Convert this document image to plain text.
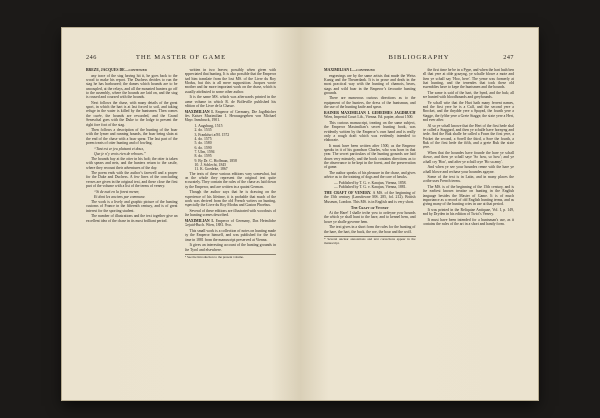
246	THE MASTER OF GAME

BRÉZÉ, JACQUES DE—continued

any trace of the stag having hit it, he goes back to the wood to make his report. The Duchess decides to run the stag he has harboured; the dames which hounds are to be uncoupled, at the relays, and all the mounted hunters go off to the assembly, where the hounds are laid on, and the stag is roused and coursed with the hounds.

Next follows the chase, with many details of the great sport, in which the hart is at last forced to soil, and taking refuge in the water is killed by the huntsmen. Then comes the curée, the hounds are rewarded, and the Grand Seneschal goes with the Duke to the lodge to present the right fore foot of the stag.

Then follows a description of the hunting of the boar with the lymer and running hounds, the boar being slain at the end of the chase with a boar spear. The last part of the poem treats of otter hunting and of fowling.

“Tant est ce jeu plaisant et doux,

Que je n’y veois rien de rebours.”

The hounds bay at the otter in his holt; the otter is taken with spears and nets, and the hunters return to the castle, where they recount their adventures of the day.

The poem ends with the author’s farewell and a prayer for the Duke and Duchess. A few lines of the concluding verses are given in the original text, and these close the first part of the volume with a list of the terms of venery.

“Si de nuit en la forest mener,

Et dont les anciens par commune.

The work is a lively and graphic picture of the hunting customs of France in the fifteenth century, and is of great interest for the sporting student.

The number of illustrations and the text together give an excellent idea of the chase in its most brilliant period.

written in two leaves; possibly when given with appreciated that hunting. It is also possible that the Emperor had him translate from the lost MS. of the Livre du Roy Modus, but this is all mere supposition. Jacques wrote another and far more important work on the chase, which is usually attributed to some other author.

It is the same MS. which was afterwards printed in the same volume in which R. de Bolleville published his edition of the Livre de la Chasse.

MAXIMILIAN I. Emperor of Germany, Die Jagdbücher des Kaiser Maximilian I. Herausgegeben von Michael Mayr. Innsbruck, 1901.

1. Augsburg, 1515

2. do. 1535

3. Frankfurt a/M. 1572

4. do. 1575

5. do. 1580

6. do. 1590

7. Ulm, 1594

8. do. 1595

9. By Dr. C. Hoffman, 1858

10. J. Schlecht, 1845

11. K. Goedeke, 1867

The texts of these various editions vary somewhat, but on the whole they represent the original text quite accurately. They contain the rules of the chase as laid down by the Emperor, and are written in a quaint German.

Though the author says that he is drawing on the experience of his lifetime, it is probable that much of the work was derived from the old French writers on hunting, especially the Livre du Roy Modus and Gaston Phoebus.

Several of these editions are illustrated with woodcuts of the hunting scenes described.

MAXIMILIAN I. Emperor of Germany, Das Heimliche Gejaid-Buch. Wien, 1881. 8vo.

This small work is a collection of notes on hunting made by the Emperor himself, and was published for the first time in 1881 from the manuscript preserved at Vienna.

It gives an interesting account of the hunting grounds in the Tyrol and elsewhere.

* See the Introduction to the present volume.

BIBLIOGRAPHY	247

MAXIMILIAN I.—continued

engravings are by the same artists that made the Weiss Kunig and the Theuerdank. It is in prose and deals in the most practical way with the hunting of chamois, bears, stags and wild boar in the Emperor’s favourite hunting grounds.

There are numerous curious directions as to the equipment of the hunters, the dress of the huntsman, and the use of the hunting knife and spear.

RAINER MAXIMILIAN I. GEHEIMES JAGDBUCH Wien, Imperial Court Lib., Vienna. Ed. papier, about 1500.

This curious manuscript, treating on the same subject, the Emperor Maximilian’s secret hunting book, was evidently written by the Emperor’s own hand and is really only a rough draft which was evidently intended to elaborate.

It must have been written after 1500, as the Emperor speaks in it of his grandson Charles, who was born in that year. The secret particulars of the hunting grounds are laid down very minutely, and the book contains directions as to the observance to be kept in the forest, and the preservation of game.

The author speaks of his pleasure in the chase, and gives advice as to the training of dogs and the care of hawks.

— Published by T. G. v. Karajan, Vienna, 1858.

— Published by T. G. v. Karajan, Vienna, 1881.

THE CRAFT OF VENERY. A MS. of the beginning of the 15th century (Lansdowne MS. 285, fol. 212). British Museum, London. This MS. is in English and is very short.

The Craft of Venery

At the Hare! I shalle teche yow to ordeyne yow hounds the which ye shall hunt to the hare, and to kennel hem, and howe ye shalle governe hem.

The text gives in a short form the rules for the hunting of the hare, the hart, the buck, the roe, the boar and the wolf.

* Several unclear annotations and text corrections appear in the manuscript.

the first time he be in a Pype, and when the hart hath ben all that yere at olde grazyng, ye schalle blowe a mote and then ye schall say 'Hoo, here'. The yeme was formerly at that hunting, and the tenendes that took these old assemblies have to kepe the huntsmen and the hounds.

The same is said of the hart, the hynd, and the buk; all are hunted with bloodhounds and greyhounds.

Ye schall wite that the Hart hath many ferrent names, and the first yere he is a Calf, and the second yere a Brocket, and the thrydde yere a Spayad, the fourth yere a Stagge, the fyfthe yere a Grete Stagge, the sixte yere a Hert, and ever after.

Al so ye schall knowe that the Hert of the first hede shal be called a Staggard, and then ye schalle have hornyng and hede. And the Buk shalle be called a Fawn the first yere, a Pricket the second, a Sorell the third, a Sore the fourth, a Buk of the first hede the fifth, and a grete Buk the sixte yere.

When that the houndes have founde the hare ye schall blowe, and then ye schall saye 'So how, so how'; and ye schall cry 'Hoo', and after ye schall crye 'Ho sa amy'.

And when ye see your houndes renne with the hare ye schall blowe and rechase your houndes agayne.

Some of the text is in Latin, and in many places the scribe uses French terms.

The MS. is of the beginning of the 15th century, and is the earliest known treatise on hunting in the English language besides the Master of Game. It is of much importance as a record of old English hunting terms, and as giving many of the hunting cries in use at that period.

It was printed in the Reliquiae Antiquae, Vol. I, p. 149, and by Dryden in his edition of Twici's Venery.

It must have been intended for a huntsman's use, as it contains the rules of the art in a short and handy form.
